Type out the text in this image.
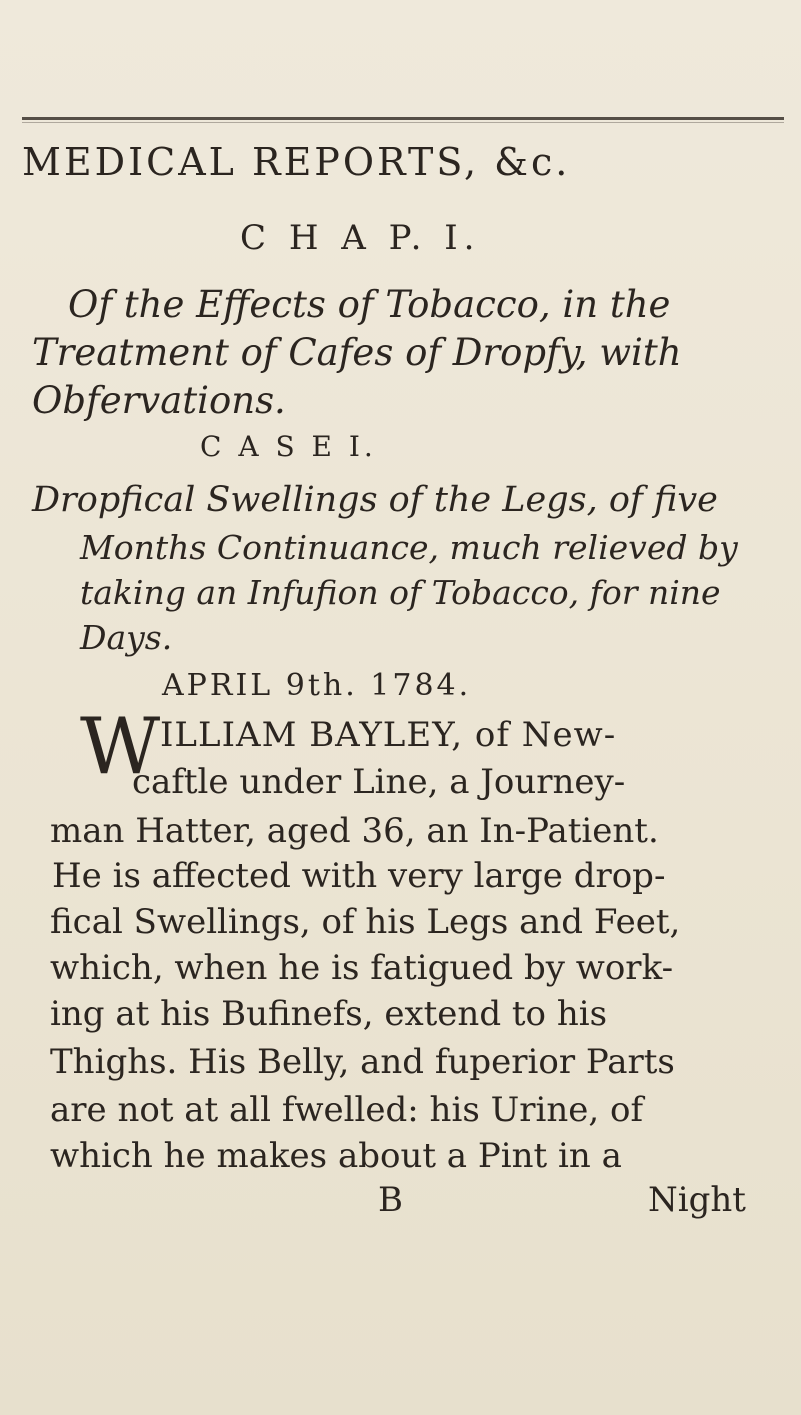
MEDICAL REPORTS, &c.
C H A P. I.
Of the Effects of Tobacco, in the
Treatment of Cafes of Dropfy, with
Obfervations.
C A S E I.
Dropfical Swellings of the Legs, of five
Months Continuance, much relieved by
taking an Infufion of Tobacco, for nine
Days.
APRIL 9th. 1784.
W ILLIAM BAYLEY, of New-
caftle under Line, a Journey-
man Hatter, aged 36, an In-Patient.
He is affected with very large drop-
fical Swellings, of his Legs and Feet,
which, when he is fatigued by work-
ing at his Bufinefs, extend to his
Thighs. His Belly, and fuperior Parts
are not at all fwelled: his Urine, of
which he makes about a Pint in a
B	Night
